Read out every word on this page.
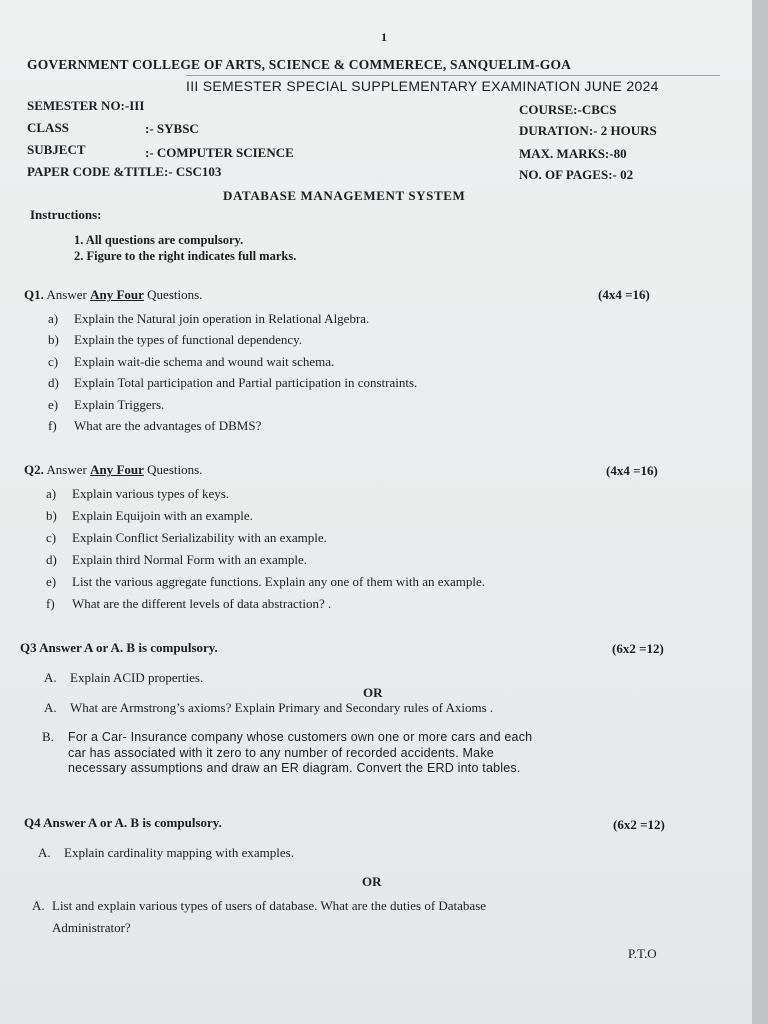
1
GOVERNMENT COLLEGE OF ARTS, SCIENCE & COMMERECE, SANQUELIM-GOA
III SEMESTER SPECIAL SUPPLEMENTARY EXAMINATION JUNE 2024
SEMESTER NO:-III
CLASS	:- SYBSC
SUBJECT	:- COMPUTER SCIENCE
PAPER CODE &TITLE:- CSC103
COURSE:-CBCS
DURATION:- 2 HOURS
MAX. MARKS:-80
NO. OF PAGES:- 02
DATABASE MANAGEMENT SYSTEM
Instructions:
1. All questions are compulsory.
2. Figure to the right indicates full marks.
Q1. Answer Any Four Questions.	(4x4 =16)
a) Explain the Natural join operation in Relational Algebra.
b) Explain the types of functional dependency.
c) Explain wait-die schema and wound wait schema.
d) Explain Total participation and Partial participation in constraints.
e) Explain Triggers.
f) What are the advantages of DBMS?
Q2. Answer Any Four Questions.	(4x4 =16)
a) Explain various types of keys.
b) Explain Equijoin with an example.
c) Explain Conflict Serializability with an example.
d) Explain third Normal Form with an example.
e) List the various aggregate functions. Explain any one of them with an example.
f) What are the different levels of data abstraction? .
Q3 Answer A or A. B is compulsory.	(6x2 =12)
A. Explain ACID properties.
OR
A. What are Armstrong’s axioms? Explain Primary and Secondary rules of Axioms .
B. For a Car- Insurance company whose customers own one or more cars and each
car has associated with it zero to any number of recorded accidents. Make
necessary assumptions and draw an ER diagram. Convert the ERD into tables.
Q4 Answer A or A. B is compulsory.	(6x2 =12)
A. Explain cardinality mapping with examples.
OR
A. List and explain various types of users of database. What are the duties of Database
Administrator?
P.T.O
